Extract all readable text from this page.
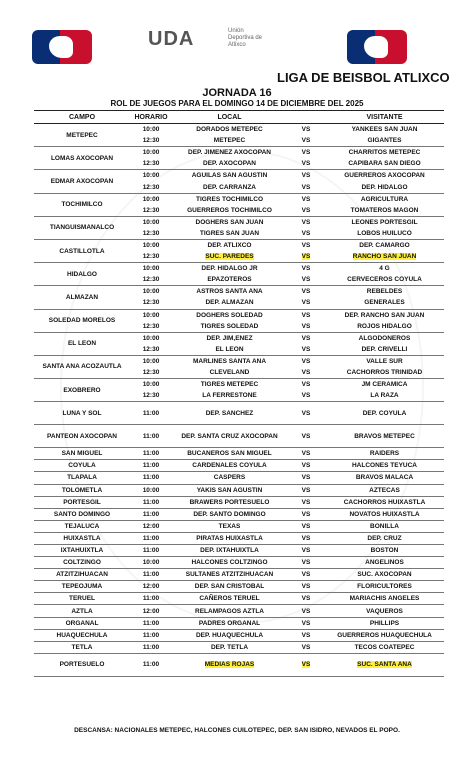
UDA	Unión Deportiva de Atlixco
LIGA DE BEISBOL ATLIXCO
JORNADA 16
ROL DE JUEGOS PARA EL DOMINGO 14 DE DICIEMBRE DEL 2025
CAMPO	HORARIO	LOCAL		VISITANTE
METEPEC	10:00	DORADOS METEPEC	VS	YANKEES SAN JUAN
	12:30	METEPEC	VS	GIGANTES
LOMAS AXOCOPAN	10:00	DEP. JIMENEZ AXOCOPAN	VS	CHARRITOS METEPEC
	12:30	DEP. AXOCOPAN	VS	CAPIBARA SAN DIEGO
EDMAR AXOCOPAN	10:00	AGUILAS SAN AGUSTIN	VS	GUERREROS AXOCOPAN
	12:30	DEP. CARRANZA	VS	DEP. HIDALGO
TOCHIMILCO	10:00	TIGRES TOCHIMILCO	VS	AGRICULTURA
	12:30	GUERREROS TOCHIMILCO	VS	TOMATEROS MAGON
TIANGUISMANALCO	10:00	DOGHERS SAN JUAN	VS	LEONES PORTESGIL
	12:30	TIGRES SAN JUAN	VS	LOBOS HUILUCO
CASTILLOTLA	10:00	DEP. ATLIXCO	VS	DEP. CAMARGO
	12:30	SUC. PAREDES	VS	RANCHO SAN JUAN
HIDALGO	10:00	DEP. HIDALGO JR	VS	4 G
	12:30	EPAZOTEROS	VS	CERVECEROS COYULA
ALMAZAN	10:00	ASTROS SANTA ANA	VS	REBELDES
	12:30	DEP. ALMAZAN	VS	GENERALES
SOLEDAD MORELOS	10:00	DOGHERS SOLEDAD	VS	DEP. RANCHO SAN JUAN
	12:30	TIGRES SOLEDAD	VS	ROJOS HIDALGO
EL LEON	10:00	DEP. JIM,ENEZ	VS	ALGODONEROS
	12:30	EL LEON	VS	DEP. CRIVELLI
SANTA ANA ACOZAUTLA	10:00	MARLINES SANTA ANA	VS	VALLE SUR
	12:30	CLEVELAND	VS	CACHORROS TRINIDAD
EXOBRERO	10:00	TIGRES METEPEC	VS	JM CERAMICA
	12:30	LA FERRESTONE	VS	LA RAZA
LUNA Y SOL	11:00	DEP. SANCHEZ	VS	DEP. COYULA
PANTEON AXOCOPAN	11:00	DEP. SANTA CRUZ AXOCOPAN	VS	BRAVOS METEPEC
SAN MIGUEL	11:00	BUCANEROS SAN MIGUEL	VS	RAIDERS
COYULA	11:00	CARDENALES COYULA	VS	HALCONES TEYUCA
TLAPALA	11:00	CASPERS	VS	BRAVOS MALACA
TOLOMETLA	10:00	YAKIS SAN AGUSTIN	VS	AZTECAS
PORTESGIL	11:00	BRAWERS PORTESUELO	VS	CACHORROS HUIXASTLA
SANTO DOMINGO	11:00	DEP. SANTO DOMINGO	VS	NOVATOS HUIXASTLA
TEJALUCA	12:00	TEXAS	VS	BONILLA
HUIXASTLA	11:00	PIRATAS HUIXASTLA	VS	DEP. CRUZ
IXTAHUIXTLA	11:00	DEP. IXTAHUIXTLA	VS	BOSTON
COLTZINGO	10:00	HALCONES COLTZINGO	VS	ANGELINOS
ATZITZIHUACAN	11:00	SULTANES ATZITZIHUACAN	VS	SUC. AXOCOPAN
TEPEOJUMA	12:00	DEP. SAN CRISTOBAL	VS	FLORICULTORES
TERUEL	11:00	CAÑEROS TERUEL	VS	MARIACHIS ANGELES
AZTLA	12:00	RELAMPAGOS AZTLA	VS	VAQUEROS
ORGANAL	11:00	PADRES ORGANAL	VS	PHILLIPS
HUAQUECHULA	11:00	DEP. HUAQUECHULA	VS	GUERREROS HUAQUECHULA
TETLA	11:00	DEP. TETLA	VS	TECOS COATEPEC
PORTESUELO	11:00	MEDIAS ROJAS	VS	SUC. SANTA ANA
DESCANSA: NACIONALES METEPEC, HALCONES CUILOTEPEC, DEP. SAN ISIDRO, NEVADOS EL POPO.
